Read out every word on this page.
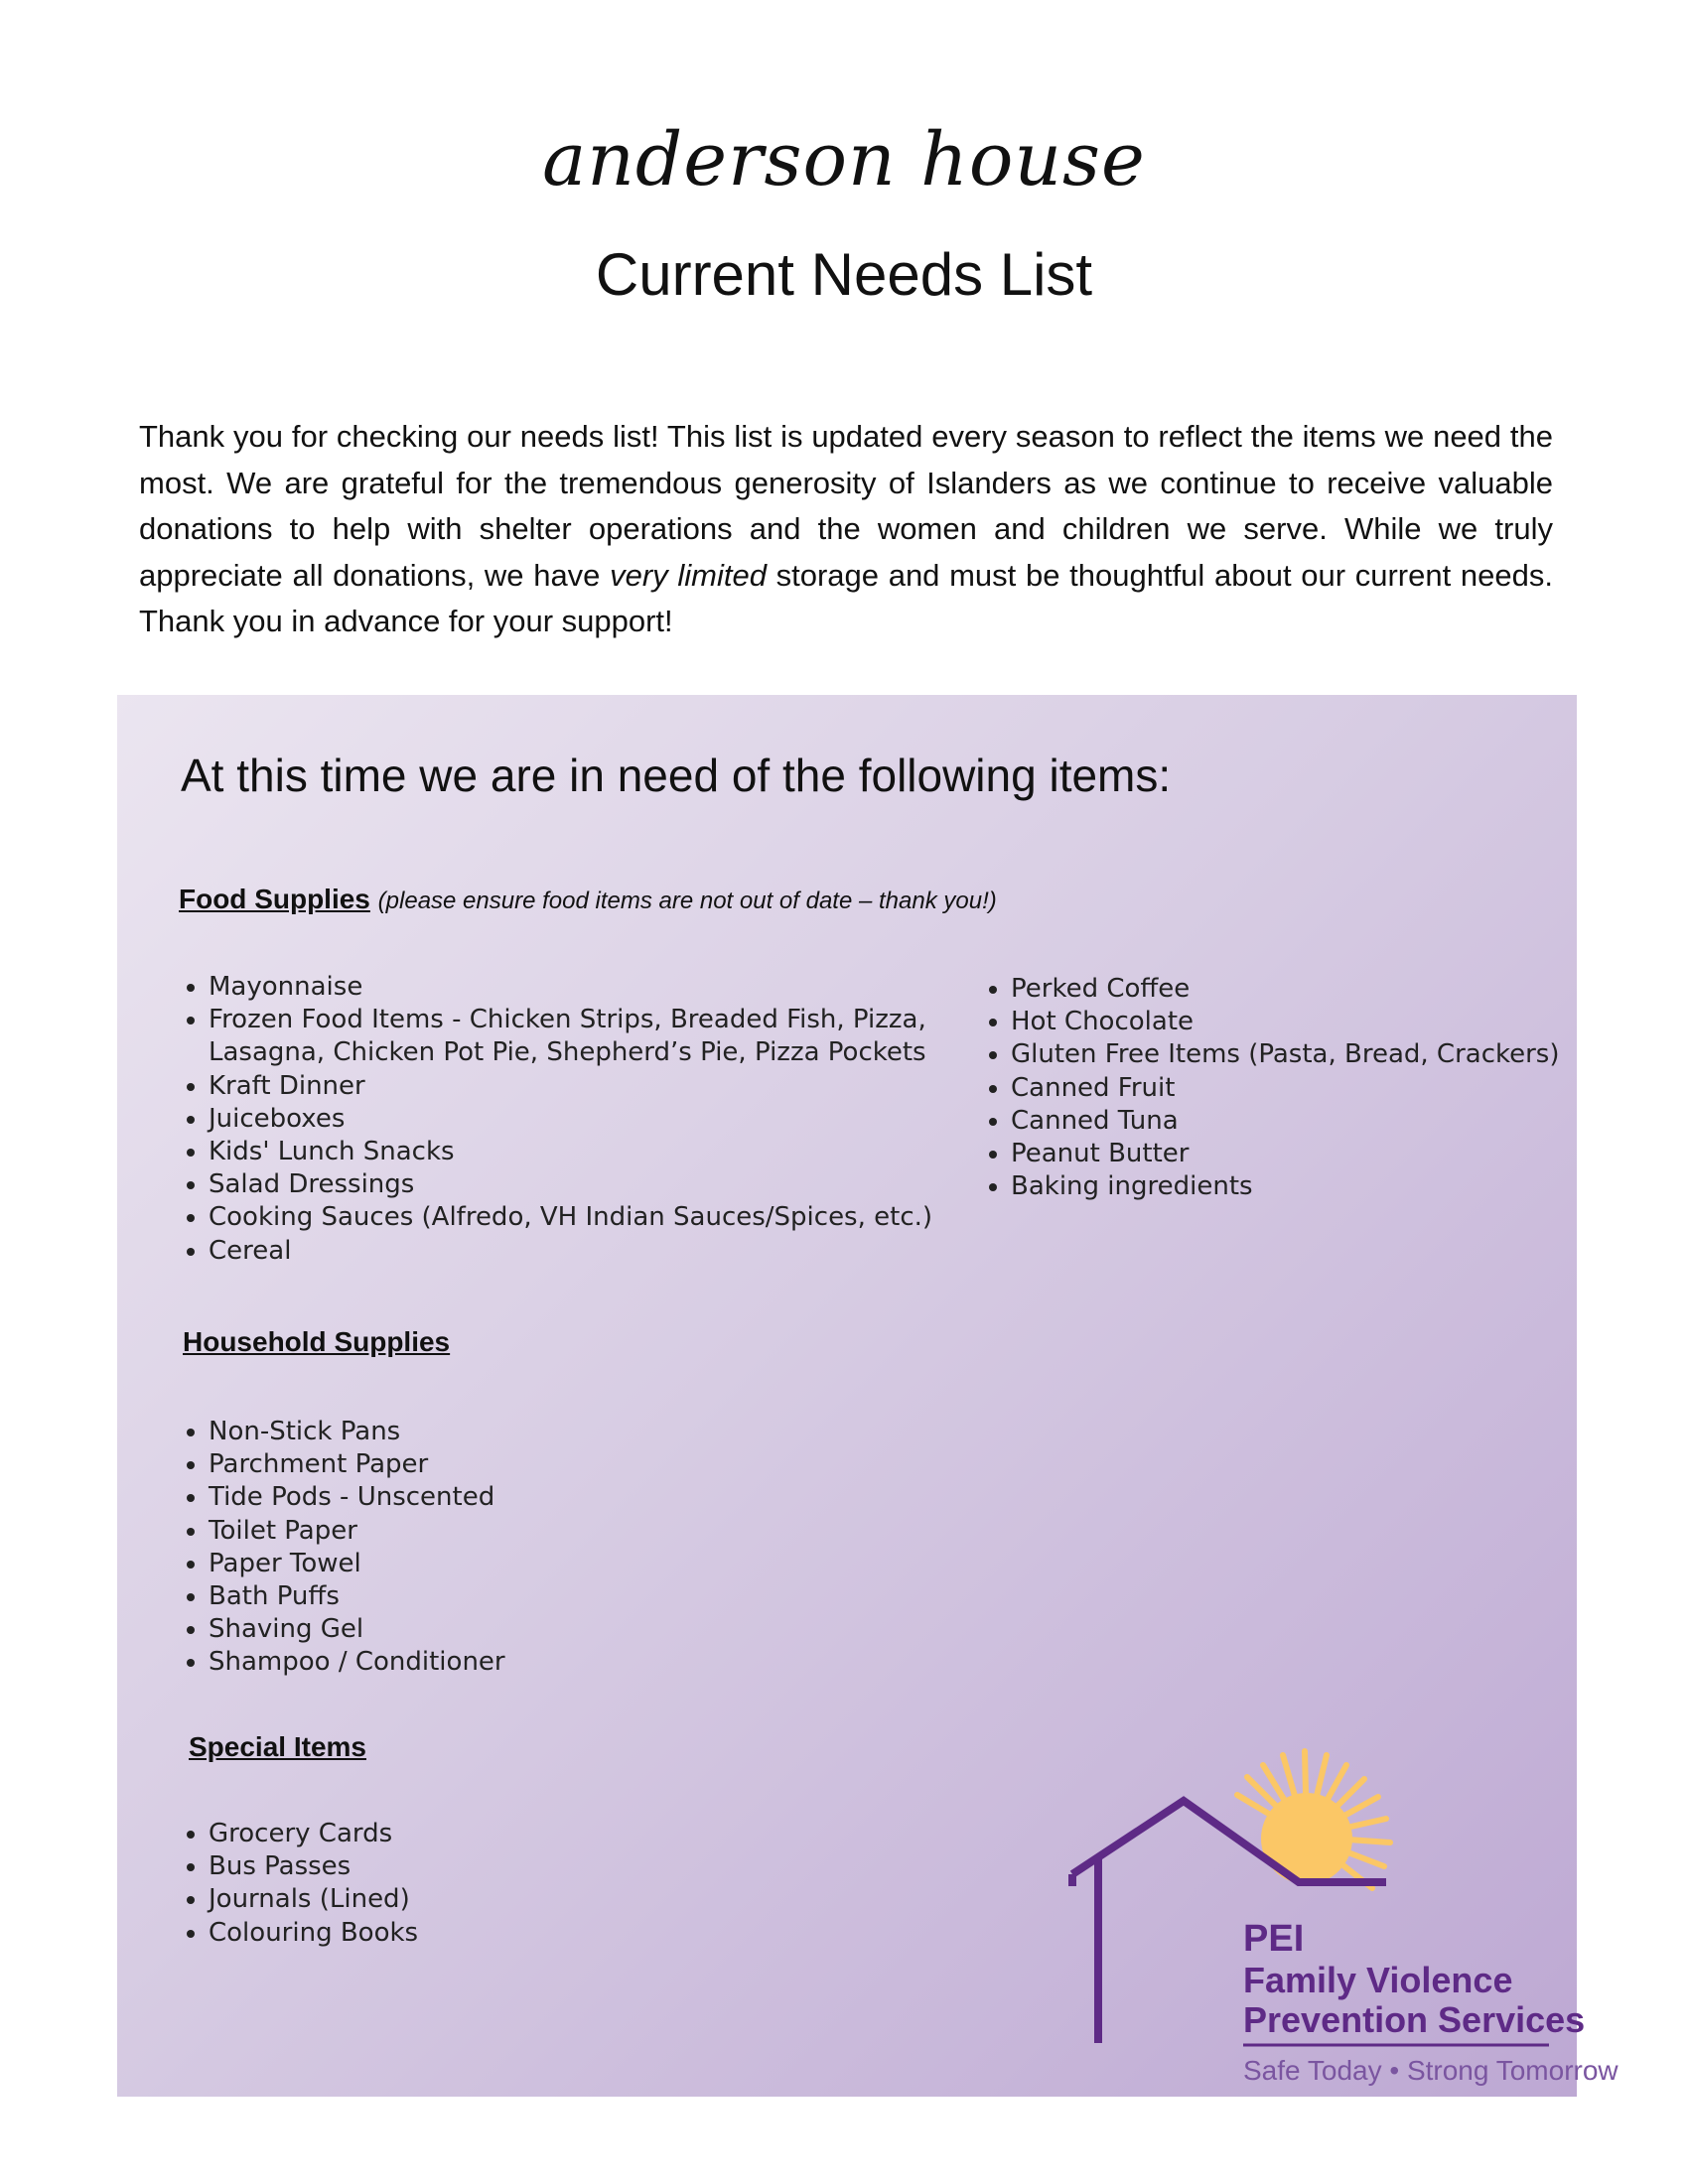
anderson house
Current Needs List

Thank you for checking our needs list! This list is updated every season to reflect the items we need the most. We are grateful for the tremendous generosity of Islanders as we continue to receive valuable donations to help with shelter operations and the women and children we serve. While we truly appreciate all donations, we have very limited storage and must be thoughtful about our current needs. Thank you in advance for your support!

At this time we are in need of the following items:
Food Supplies (please ensure food items are not out of date – thank you!)
• Mayonnaise
• Frozen Food Items - Chicken Strips, Breaded Fish, Pizza, Lasagna, Chicken Pot Pie, Shepherd’s Pie, Pizza Pockets
• Kraft Dinner
• Juiceboxes
• Kids' Lunch Snacks
• Salad Dressings
• Cooking Sauces (Alfredo, VH Indian Sauces/Spices, etc.)
• Cereal
• Perked Coffee
• Hot Chocolate
• Gluten Free Items (Pasta, Bread, Crackers)
• Canned Fruit
• Canned Tuna
• Peanut Butter
• Baking ingredients
Household Supplies
• Non-Stick Pans
• Parchment Paper
• Tide Pods - Unscented
• Toilet Paper
• Paper Towel
• Bath Puffs
• Shaving Gel
• Shampoo / Conditioner
Special Items
• Grocery Cards
• Bus Passes
• Journals (Lined)
• Colouring Books	PEI
Family Violence
Prevention Services
Safe Today • Strong Tomorrow
